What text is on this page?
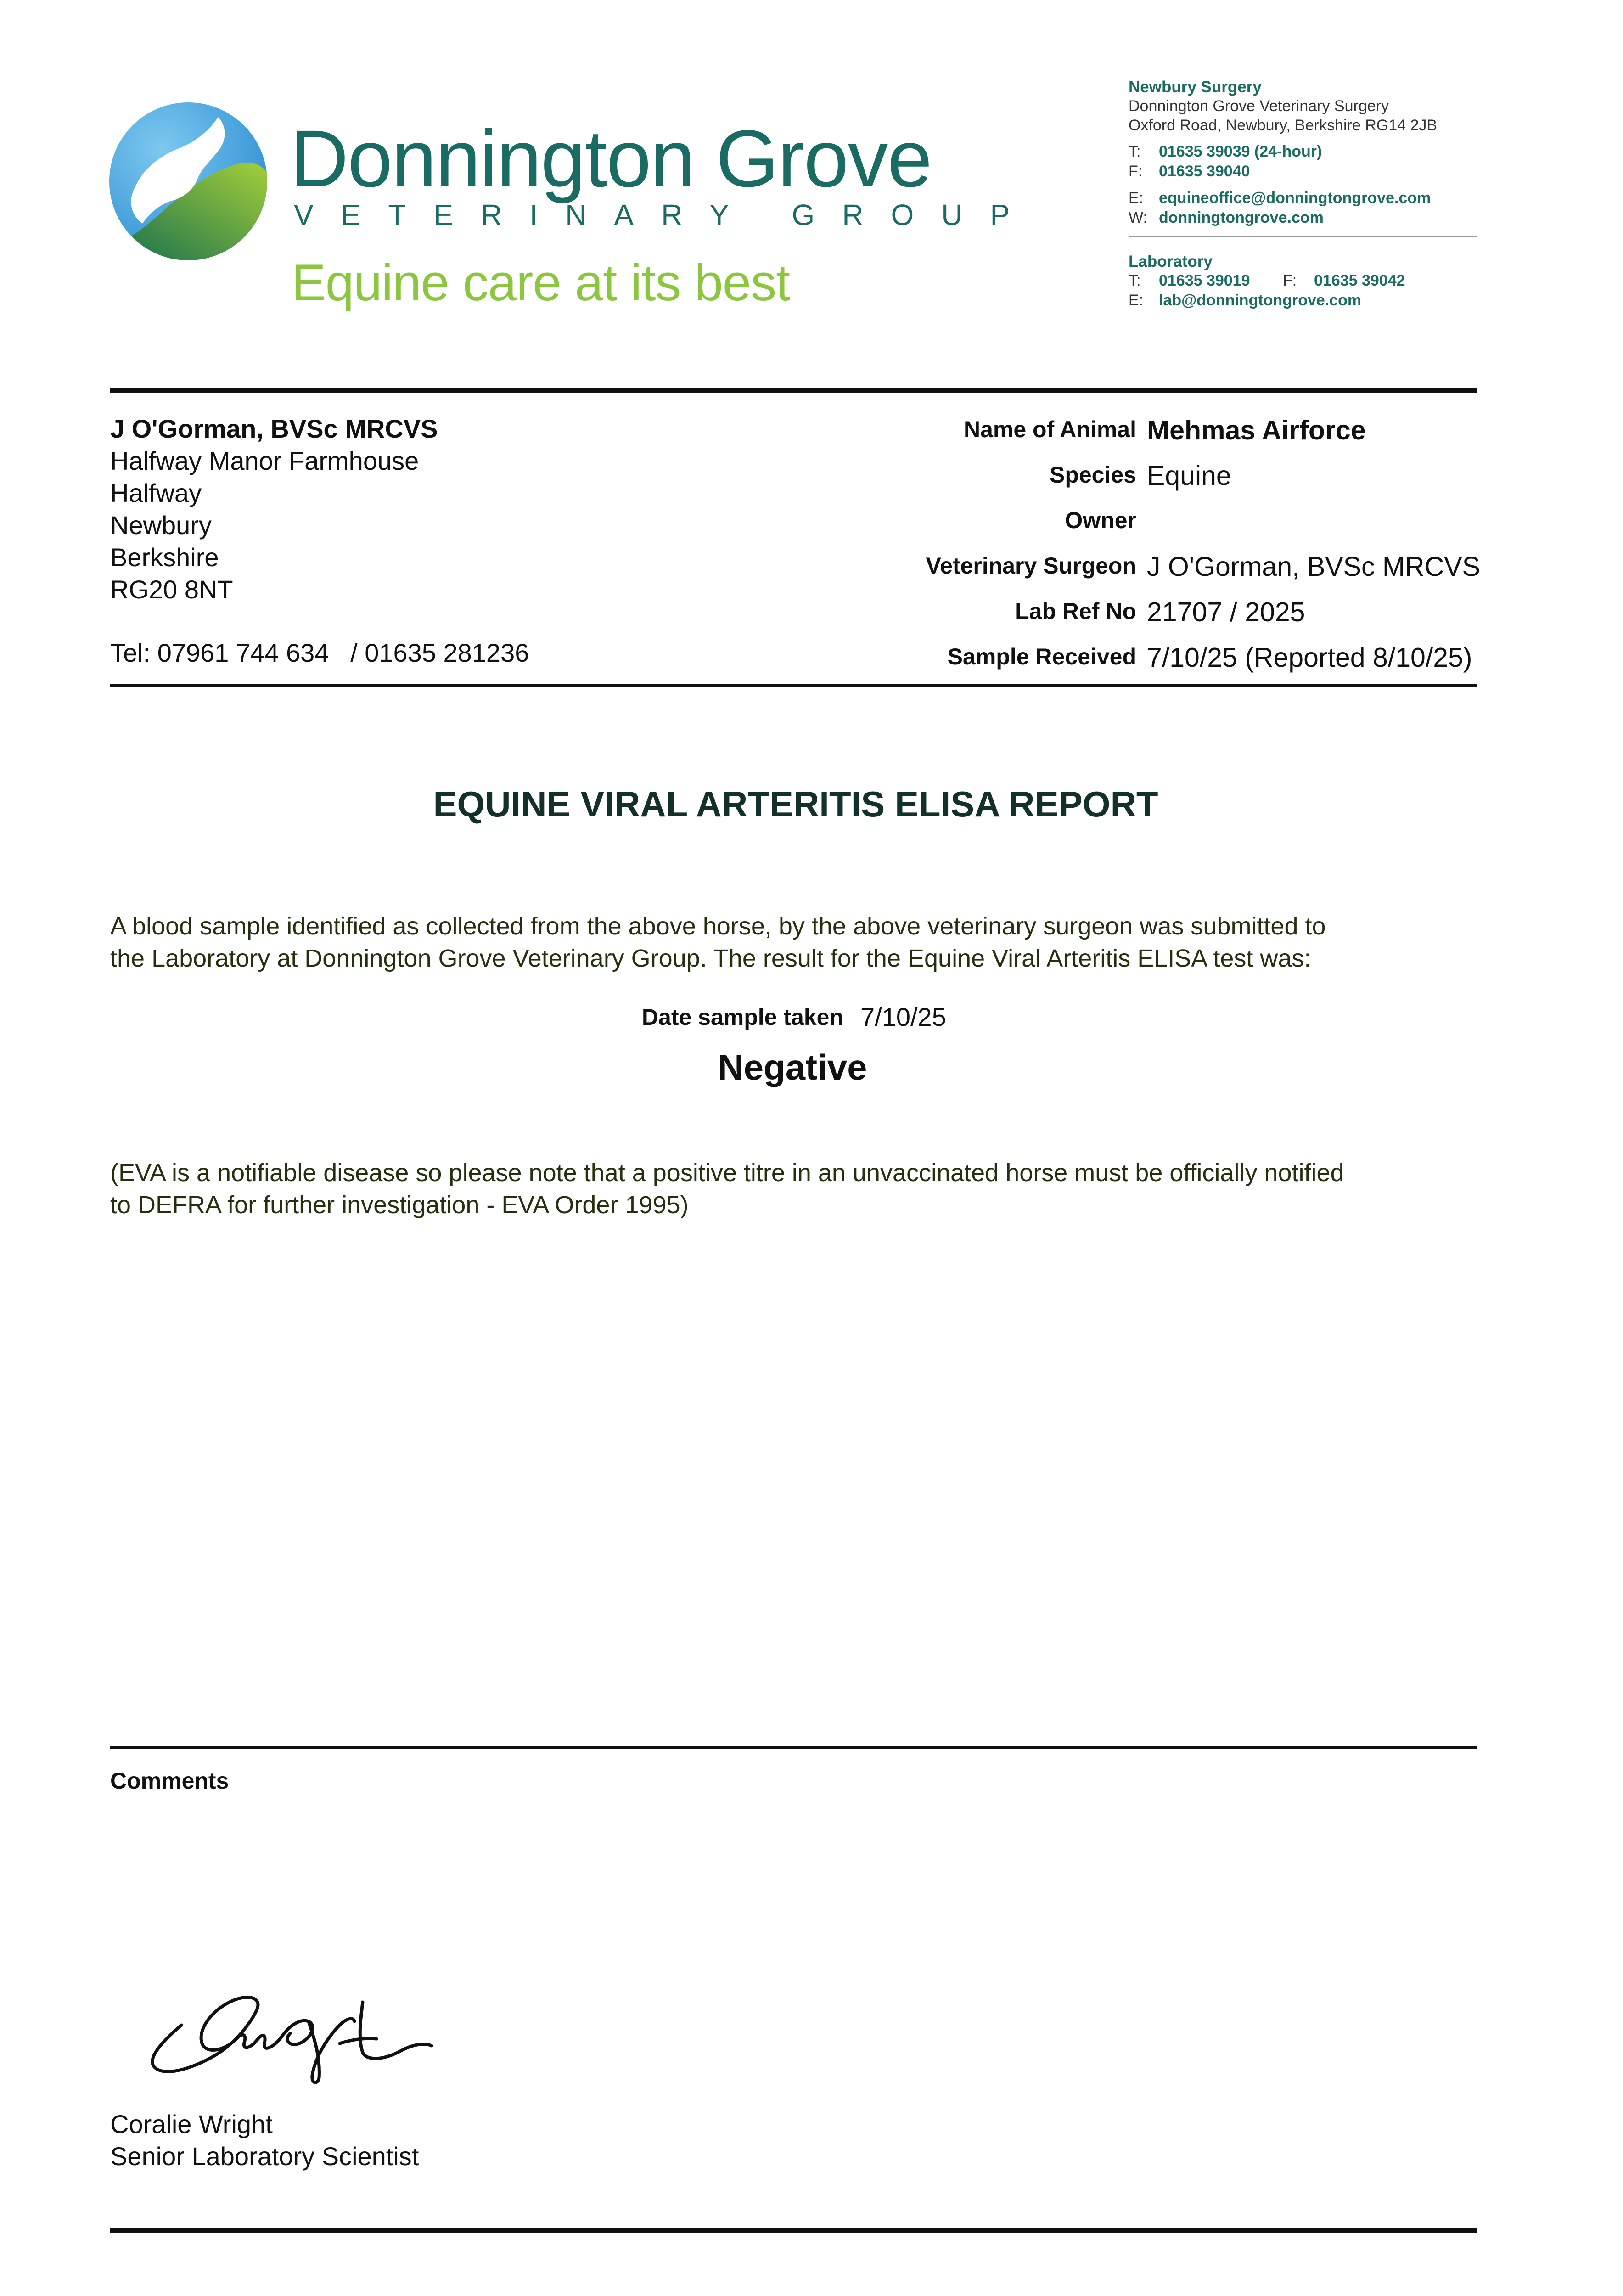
Donnington Grove
VETERINARY GROUP
Equine care at its best
Newbury Surgery
Donnington Grove Veterinary Surgery
Oxford Road, Newbury, Berkshire RG14 2JB
T: 01635 39039 (24-hour)
F: 01635 39040
E: equineoffice@donningtongrove.com
W: donningtongrove.com
Laboratory
T: 01635 39019 F: 01635 39042
E: lab@donningtongrove.com
J O'Gorman, BVSc MRCVS
Halfway Manor Farmhouse
Halfway
Newbury
Berkshire
RG20 8NT
Tel: 07961 744 634   / 01635 281236
Name of Animal Mehmas Airforce
Species Equine
Owner
Veterinary Surgeon J O'Gorman, BVSc MRCVS
Lab Ref No 21707 / 2025
Sample Received 7/10/25 (Reported 8/10/25)
EQUINE VIRAL ARTERITIS ELISA REPORT
A blood sample identified as collected from the above horse, by the above veterinary surgeon was submitted to
the Laboratory at Donnington Grove Veterinary Group. The result for the Equine Viral Arteritis ELISA test was:
Date sample taken 7/10/25
Negative
(EVA is a notifiable disease so please note that a positive titre in an unvaccinated horse must be officially notified
to DEFRA for further investigation - EVA Order 1995)
Comments
Coralie Wright
Senior Laboratory Scientist
